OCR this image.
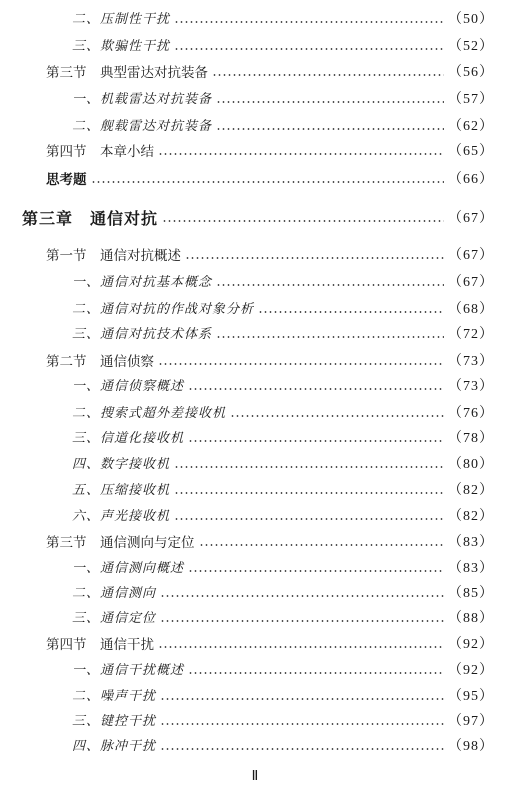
二、压制性干扰	（50）
三、欺骗性干扰	（52）
第三节　典型雷达对抗装备	（56）
一、机载雷达对抗装备	（57）
二、舰载雷达对抗装备	（62）
第四节　本章小结	（65）
思考题	（66）
第三章　通信对抗	（67）
第一节　通信对抗概述	（67）
一、通信对抗基本概念	（67）
二、通信对抗的作战对象分析	（68）
三、通信对抗技术体系	（72）
第二节　通信侦察	（73）
一、通信侦察概述	（73）
二、搜索式超外差接收机	（76）
三、信道化接收机	（78）
四、数字接收机	（80）
五、压缩接收机	（82）
六、声光接收机	（82）
第三节　通信测向与定位	（83）
一、通信测向概述	（83）
二、通信测向	（85）
三、通信定位	（88）
第四节　通信干扰	（92）
一、通信干扰概述	（92）
二、噪声干扰	（95）
三、键控干扰	（97）
四、脉冲干扰	（98）
Ⅱ
